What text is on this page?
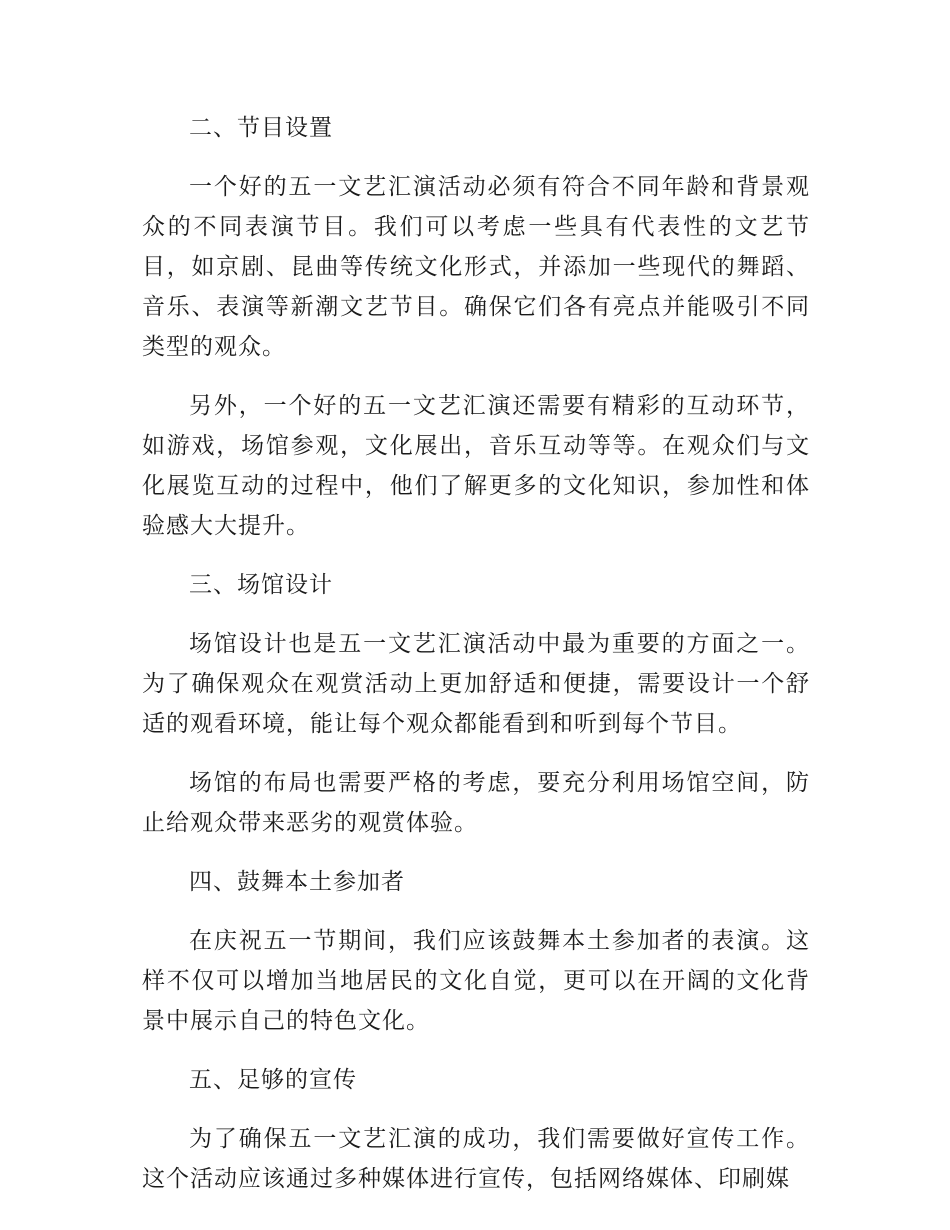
二、节目设置

一个好的五一文艺汇演活动必须有符合不同年龄和背景观众的不同表演节目。我们可以考虑一些具有代表性的文艺节目，如京剧、昆曲等传统文化形式，并添加一些现代的舞蹈、音乐、表演等新潮文艺节目。确保它们各有亮点并能吸引不同类型的观众。

另外，一个好的五一文艺汇演还需要有精彩的互动环节，如游戏，场馆参观，文化展出，音乐互动等等。在观众们与文化展览互动的过程中，他们了解更多的文化知识，参加性和体验感大大提升。

三、场馆设计

场馆设计也是五一文艺汇演活动中最为重要的方面之一。为了确保观众在观赏活动上更加舒适和便捷，需要设计一个舒适的观看环境，能让每个观众都能看到和听到每个节目。

场馆的布局也需要严格的考虑，要充分利用场馆空间，防止给观众带来恶劣的观赏体验。

四、鼓舞本土参加者

在庆祝五一节期间，我们应该鼓舞本土参加者的表演。这样不仅可以增加当地居民的文化自觉，更可以在开阔的文化背景中展示自己的特色文化。

五、足够的宣传

为了确保五一文艺汇演的成功，我们需要做好宣传工作。这个活动应该通过多种媒体进行宣传，包括网络媒体、印刷媒
